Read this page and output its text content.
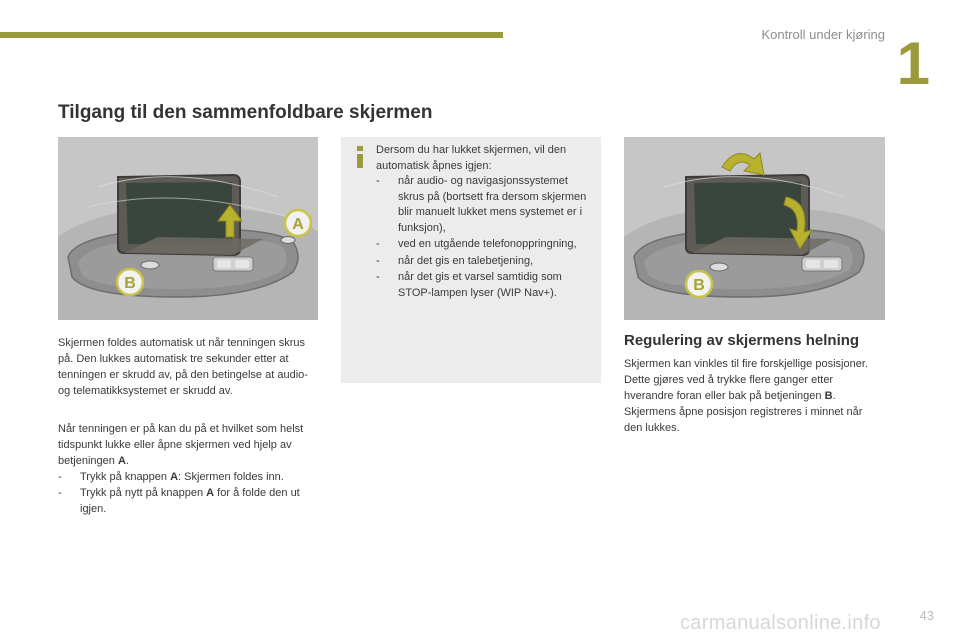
Kontroll under kjøring 1
Tilgang til den sammenfoldbare skjermen
A
B

Dersom du har lukket skjermen, vil den automatisk åpnes igjen:

- når audio- og navigasjonssystemet skrus på (bortsett fra dersom skjermen blir manuelt lukket mens systemet er i funksjon),
- ved en utgående telefonoppringning,
- når det gis en talebetjening,
- når det gis et varsel samtidig som STOP-lampen lyser (WIP Nav+).	B

Skjermen foldes automatisk ut når tenningen skrus på. Den lukkes automatisk tre sekunder etter at tenningen er skrudd av, på den betingelse at audio- og telematikksystemet er skrudd av.

Når tenningen er på kan du på et hvilket som helst tidspunkt lukke eller åpne skjermen ved hjelp av betjeningen A.

- Trykk på knappen A: Skjermen foldes inn.
- Trykk på nytt på knappen A for å folde den ut igjen.
Regulering av skjermens helning

Skjermen kan vinkles til fire forskjellige posisjoner. Dette gjøres ved å trykke flere ganger etter hverandre foran eller bak på betjeningen B. Skjermens åpne posisjon registreres i minnet når den lukkes.

carmanualsonline.info	43
